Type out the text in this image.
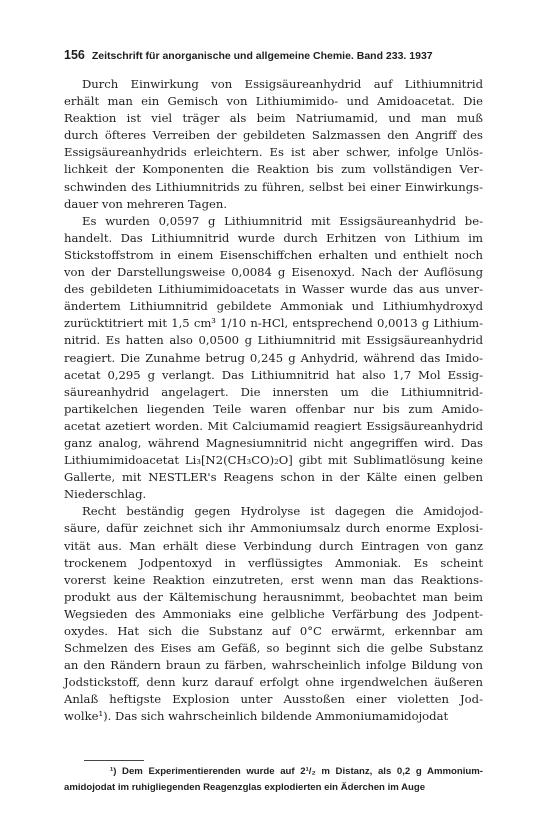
156 Zeitschrift für anorganische und allgemeine Chemie. Band 233. 1937
Durch Einwirkung von Essigsäureanhydrid auf Lithiumnitrid
erhält man ein Gemisch von Lithiumimido- und Amidoacetat. Die
Reaktion ist viel träger als beim Natriumamid, und man muß
durch öfteres Verreiben der gebildeten Salzmassen den Angriff des
Essigsäureanhydrids erleichtern. Es ist aber schwer, infolge Unlös-
lichkeit der Komponenten die Reaktion bis zum vollständigen Ver-
schwinden des Lithiumnitrids zu führen, selbst bei einer Einwirkungs-
dauer von mehreren Tagen.
Es wurden 0,0597 g Lithiumnitrid mit Essigsäureanhydrid be-
handelt. Das Lithiumnitrid wurde durch Erhitzen von Lithium im
Stickstoffstrom in einem Eisenschiffchen erhalten und enthielt noch
von der Darstellungsweise 0,0084 g Eisenoxyd. Nach der Auflösung
des gebildeten Lithiumimidoacetats in Wasser wurde das aus unver-
ändertem Lithiumnitrid gebildete Ammoniak und Lithiumhydroxyd
zurücktitriert mit 1,5 cm³ 1/10 n-HCl, entsprechend 0,0013 g Lithium-
nitrid. Es hatten also 0,0500 g Lithiumnitrid mit Essigsäureanhydrid
reagiert. Die Zunahme betrug 0,245 g Anhydrid, während das Imido-
acetat 0,295 g verlangt. Das Lithiumnitrid hat also 1,7 Mol Essig-
säureanhydrid angelagert. Die innersten um die Lithiumnitrid-
partikelchen liegenden Teile waren offenbar nur bis zum Amido-
acetat azetiert worden. Mit Calciumamid reagiert Essigsäureanhydrid
ganz analog, während Magnesiumnitrid nicht angegriffen wird. Das
Lithiumimidoacetat Li₃[N2(CH₃CO)₂O] gibt mit Sublimatlösung keine
Gallerte, mit NESTLER's Reagens schon in der Kälte einen gelben
Niederschlag.
Recht beständig gegen Hydrolyse ist dagegen die Amidojod-
säure, dafür zeichnet sich ihr Ammoniumsalz durch enorme Explosi-
vität aus. Man erhält diese Verbindung durch Eintragen von ganz
trockenem Jodpentoxyd in verflüssigtes Ammoniak. Es scheint
vorerst keine Reaktion einzutreten, erst wenn man das Reaktions-
produkt aus der Kältemischung herausnimmt, beobachtet man beim
Wegsieden des Ammoniaks eine gelbliche Verfärbung des Jodpent-
oxydes. Hat sich die Substanz auf 0°C erwärmt, erkennbar am
Schmelzen des Eises am Gefäß, so beginnt sich die gelbe Substanz
an den Rändern braun zu färben, wahrscheinlich infolge Bildung von
Jodstickstoff, denn kurz darauf erfolgt ohne irgendwelchen äußeren
Anlaß heftigste Explosion unter Ausstoßen einer violetten Jod-
wolke¹). Das sich wahrscheinlich bildende Ammoniumamidojodat
¹) Dem Experimentierenden wurde auf 2¹/₂ m Distanz, als 0,2 g Ammonium-
amidojodat im ruhigliegenden Reagenzglas explodierten ein Äderchen im Auge
